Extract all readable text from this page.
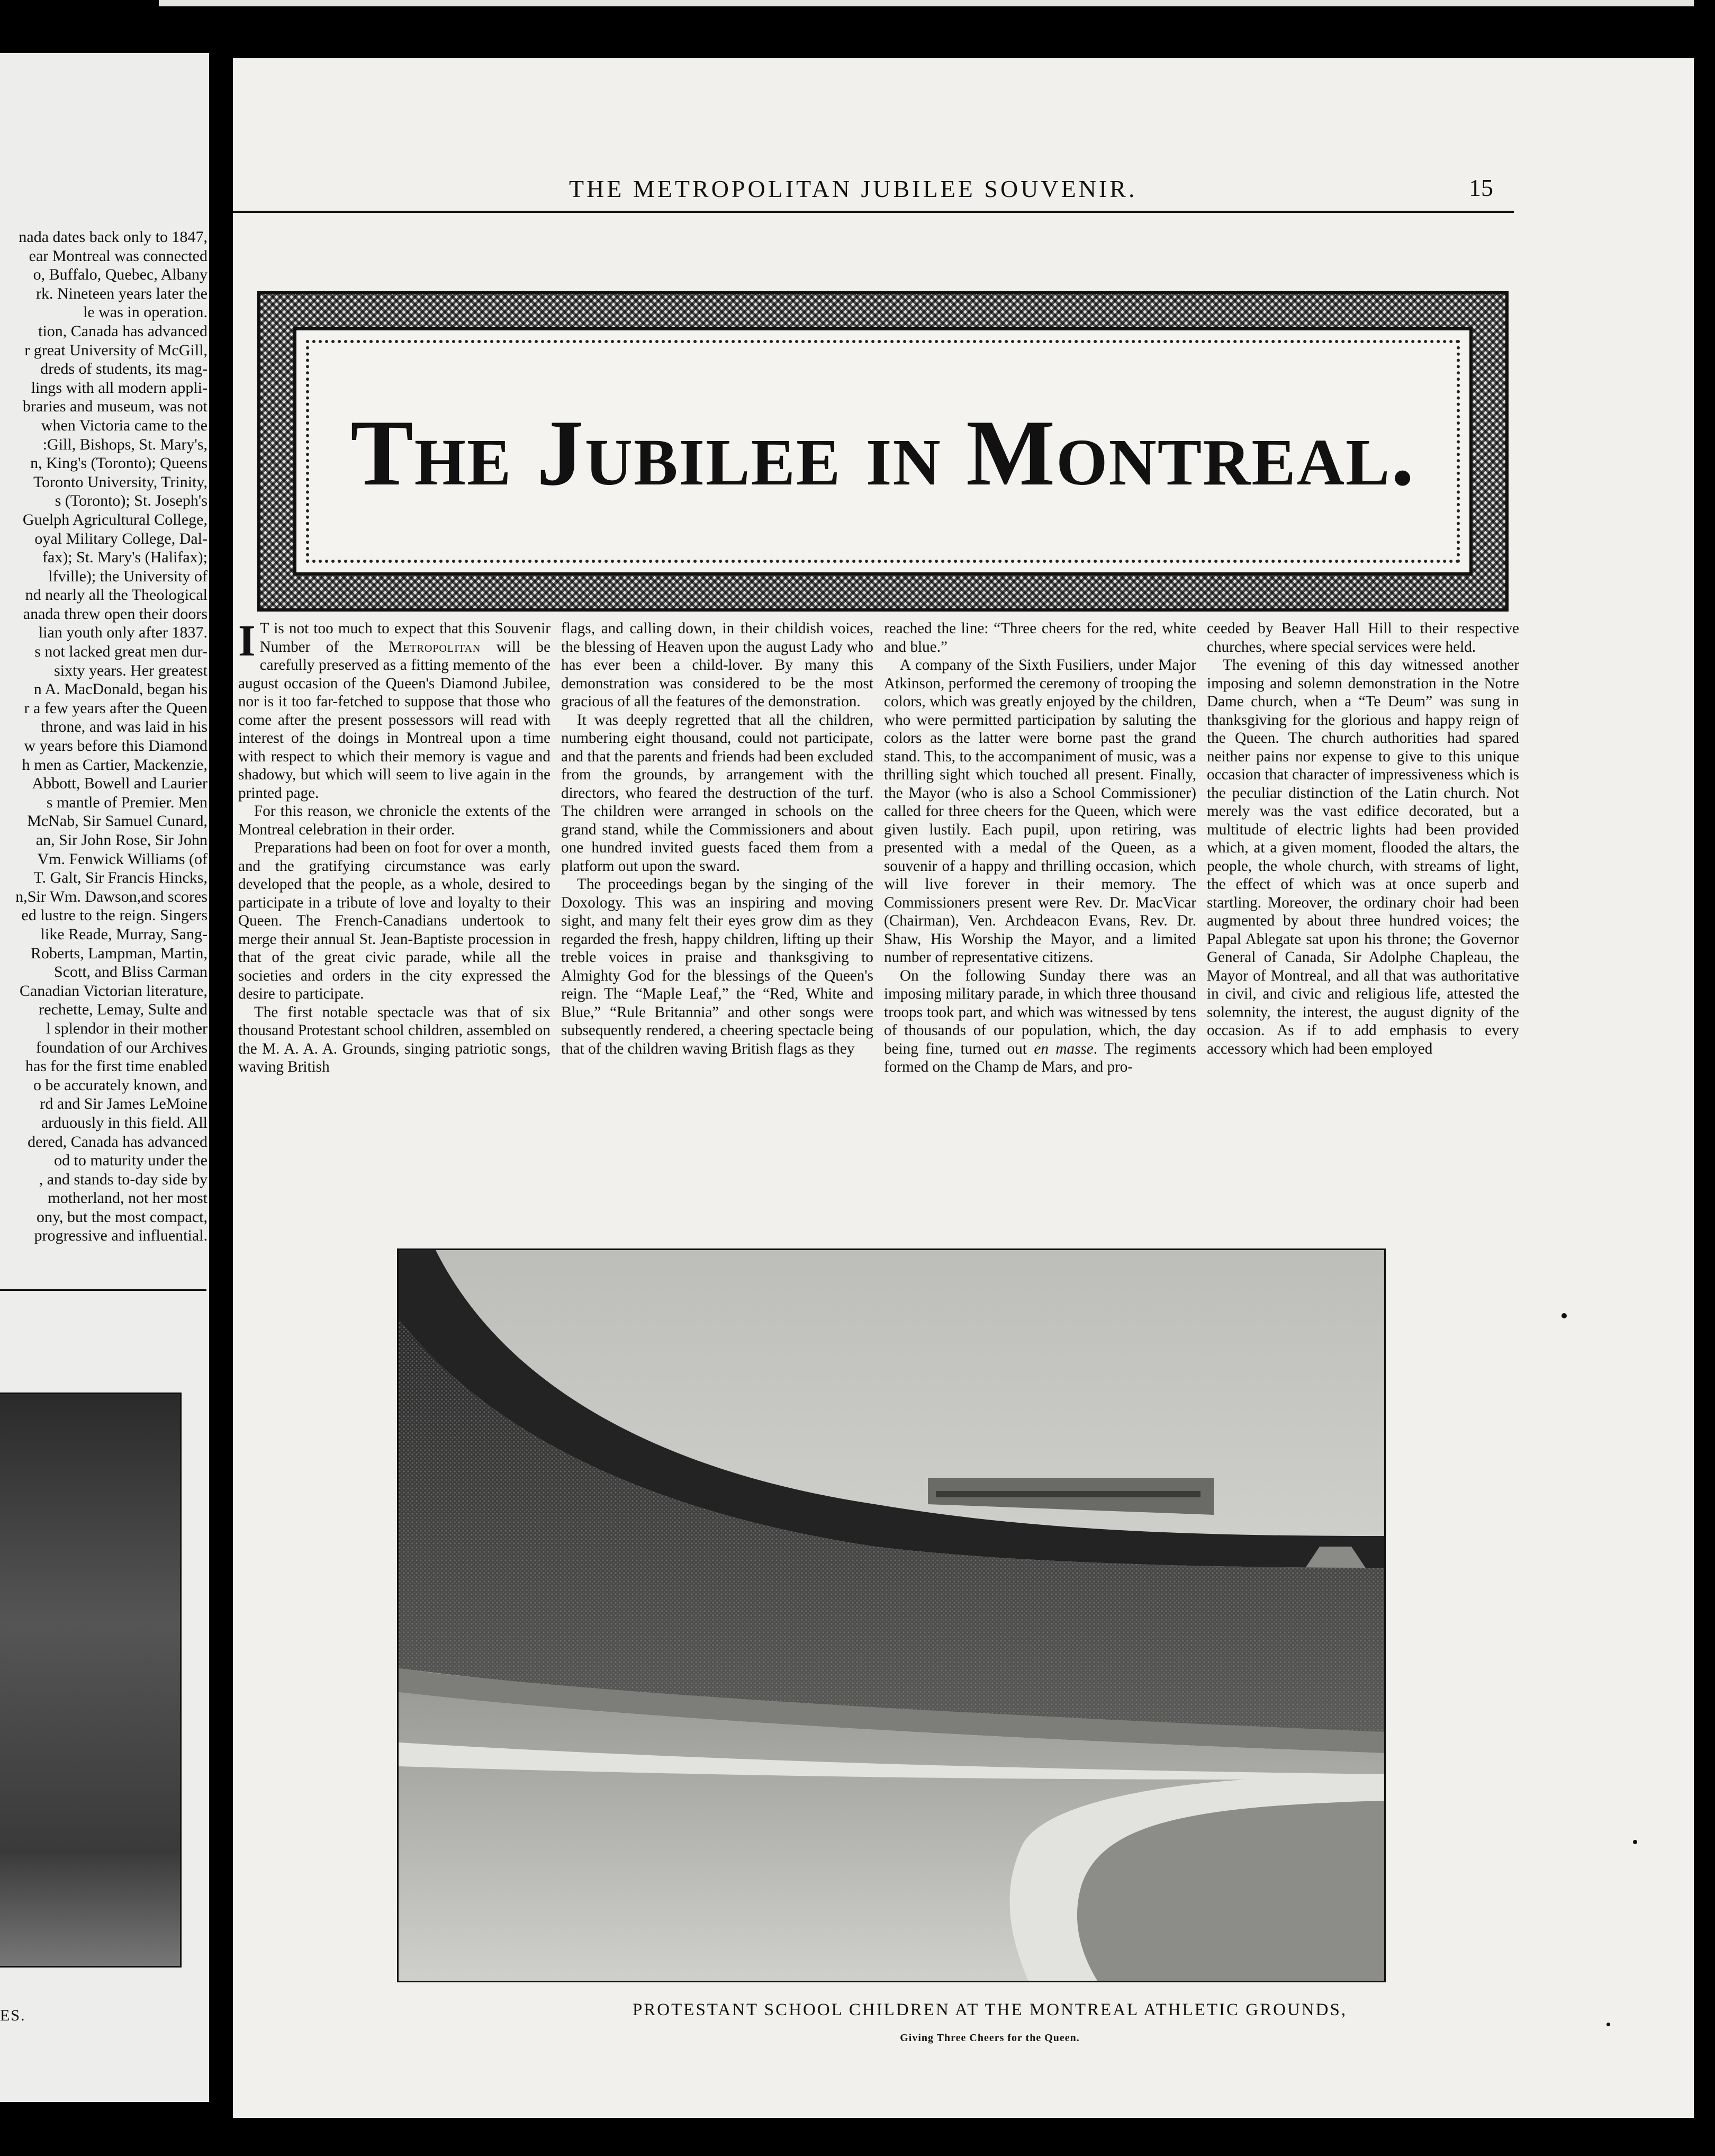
nada dates back only to 1847,
ear Montreal was connected
o, Buffalo, Quebec, Albany
rk. Nineteen years later the
le was in operation.
tion, Canada has advanced
r great University of McGill,
dreds of students, its mag-
lings with all modern appli-
braries and museum, was not
when Victoria came to the
:Gill, Bishops, St. Mary's,
n, King's (Toronto); Queens
Toronto University, Trinity,
s (Toronto); St. Joseph's
Guelph Agricultural College,
oyal Military College, Dal-
fax); St. Mary's (Halifax);
lfville); the University of
nd nearly all the Theological
anada threw open their doors
lian youth only after 1837.
s not lacked great men dur-
sixty years. Her greatest
n A. MacDonald, began his
r a few years after the Queen
throne, and was laid in his
w years before this Diamond
h men as Cartier, Mackenzie,
Abbott, Bowell and Laurier
s mantle of Premier. Men
McNab, Sir Samuel Cunard,
an, Sir John Rose, Sir John
Vm. Fenwick Williams (of
T. Galt, Sir Francis Hincks,
n,Sir Wm. Dawson,and scores
ed lustre to the reign. Singers
like Reade, Murray, Sang-
Roberts, Lampman, Martin,
Scott, and Bliss Carman
Canadian Victorian literature,
rechette, Lemay, Sulte and
l splendor in their mother
foundation of our Archives
has for the first time enabled
o be accurately known, and
rd and Sir James LeMoine
arduously in this field. All
dered, Canada has advanced
od to maturity under the
, and stands to-day side by
motherland, not her most
ony, but the most compact,
progressive and influential.
ES.
THE METROPOLITAN JUBILEE SOUVENIR.	15
The Jubilee in Montreal.

I T is not too much to expect that this Souvenir Number of the Metropolitan will be carefully preserved as a fitting memento of the august occasion of the Queen's Diamond Jubilee, nor is it too far-fetched to suppose that those who come after the present possessors will read with interest of the doings in Montreal upon a time with respect to which their memory is vague and shadowy, but which will seem to live again in the printed page.

For this reason, we chronicle the extents of the Montreal celebration in their order.

Preparations had been on foot for over a month, and the gratifying circumstance was early developed that the people, as a whole, desired to participate in a tribute of love and loyalty to their Queen. The French-Canadians undertook to merge their annual St. Jean-Baptiste procession in that of the great civic parade, while all the societies and orders in the city expressed the desire to participate.

The first notable spectacle was that of six thousand Protestant school children, assembled on the M. A. A. A. Grounds, singing patriotic songs, waving British

flags, and calling down, in their childish voices, the blessing of Heaven upon the august Lady who has ever been a child-lover. By many this demonstration was considered to be the most gracious of all the features of the demonstration.

It was deeply regretted that all the children, numbering eight thousand, could not participate, and that the parents and friends had been excluded from the grounds, by arrangement with the directors, who feared the destruction of the turf. The children were arranged in schools on the grand stand, while the Commissioners and about one hundred invited guests faced them from a platform out upon the sward.

The proceedings began by the singing of the Doxology. This was an inspiring and moving sight, and many felt their eyes grow dim as they regarded the fresh, happy children, lifting up their treble voices in praise and thanksgiving to Almighty God for the blessings of the Queen's reign. The “Maple Leaf,” the “Red, White and Blue,” “Rule Britannia” and other songs were subsequently rendered, a cheering spectacle being that of the children waving British flags as they

reached the line: “Three cheers for the red, white and blue.”

A company of the Sixth Fusiliers, under Major Atkinson, performed the ceremony of trooping the colors, which was greatly enjoyed by the children, who were permitted participation by saluting the colors as the latter were borne past the grand stand. This, to the accompaniment of music, was a thrilling sight which touched all present. Finally, the Mayor (who is also a School Commissioner) called for three cheers for the Queen, which were given lustily. Each pupil, upon retiring, was presented with a medal of the Queen, as a souvenir of a happy and thrilling occasion, which will live forever in their memory. The Commissioners present were Rev. Dr. MacVicar (Chairman), Ven. Archdeacon Evans, Rev. Dr. Shaw, His Worship the Mayor, and a limited number of representative citizens.

On the following Sunday there was an imposing military parade, in which three thousand troops took part, and which was witnessed by tens of thousands of our population, which, the day being fine, turned out en masse. The regiments formed on the Champ de Mars, and pro-

ceeded by Beaver Hall Hill to their respective churches, where special services were held.

The evening of this day witnessed another imposing and solemn demonstration in the Notre Dame church, when a “Te Deum” was sung in thanksgiving for the glorious and happy reign of the Queen. The church authorities had spared neither pains nor expense to give to this unique occasion that character of impressiveness which is the peculiar distinction of the Latin church. Not merely was the vast edifice decorated, but a multitude of electric lights had been provided which, at a given moment, flooded the altars, the people, the whole church, with streams of light, the effect of which was at once superb and startling. Moreover, the ordinary choir had been augmented by about three hundred voices; the Papal Ablegate sat upon his throne; the Governor General of Canada, Sir Adolphe Chapleau, the Mayor of Montreal, and all that was authoritative in civil, and civic and religious life, attested the solemnity, the interest, the august dignity of the occasion. As if to add emphasis to every accessory which had been employed

PROTESTANT SCHOOL CHILDREN AT THE MONTREAL ATHLETIC GROUNDS,
Giving Three Cheers for the Queen.
